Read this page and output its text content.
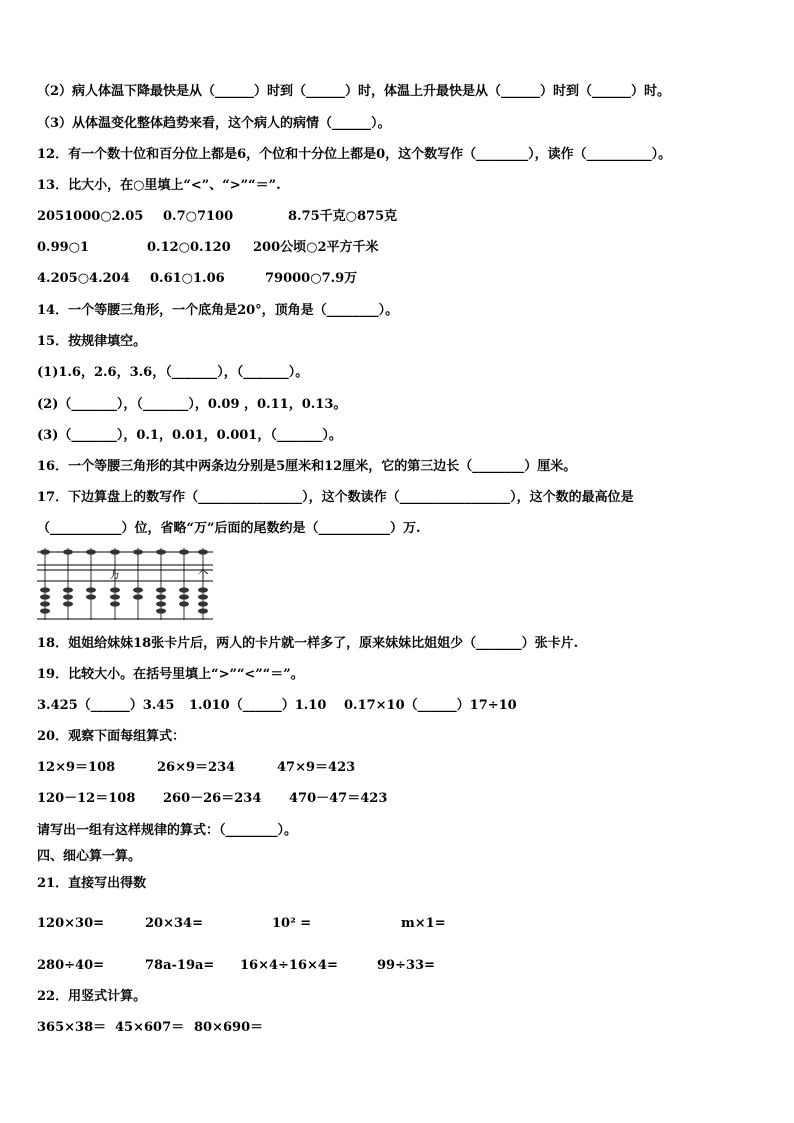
（2）病人体温下降最快是从（______）时到（______）时，体温上升最快是从（______）时到（______）时。
（3）从体温变化整体趋势来看，这个病人的病情（______）。
12．有一个数十位和百分位上都是6，个位和十分位上都是0，这个数写作（________），读作（__________）。
13．比大小，在○里填上“<”、“>”“＝”.
2051000○2.05 0.7○7100	8.75千克○875克
0.99○1	0.12○0.120 200公顷○2平方千米
4.205○4.204 0.61○1.06	79000○7.9万
14．一个等腰三角形，一个底角是20°，顶角是（________）。
15．按规律填空。
(1)1.6，2.6，3.6，（_______），（_______）。
(2)（_______），（_______），0.09 ，0.11，0.13。
(3)（_______），0.1，0.01，0.001，（_______）。
16．一个等腰三角形的其中两条边分别是5厘米和12厘米，它的第三边长（________）厘米。
17．下边算盘上的数写作（________________），这个数读作（_________________），这个数的最高位是
（___________）位，省略“万”后面的尾数约是（___________）万.
万	个
18．姐姐给妹妹18张卡片后，两人的卡片就一样多了，原来妹妹比姐姐少（_______）张卡片.
19．比较大小。在括号里填上“>”“<”“＝”。
3.425（______）3.45 1.010（______）1.10 0.17×10（______）17÷10
20．观察下面每组算式：
12×9＝108	26×9＝234	47×9＝423
120－12＝108 260－26＝234 470－47＝423
请写出一组有这样规律的算式：（________）。
四、细心算一算。
21．直接写出得数
120×30=	20×34=	10² =	m×1=
280÷40=	78a-19a= 16×4÷16×4=	99÷33=
22．用竖式计算。
365×38＝ 45×607＝ 80×690＝
